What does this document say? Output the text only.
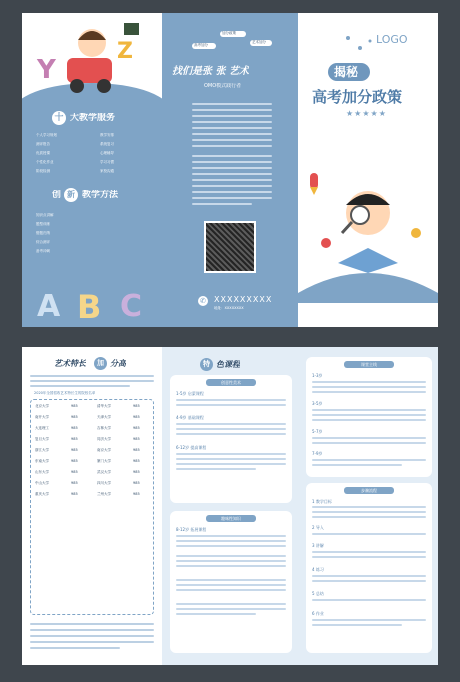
Y
Z
十 大教学服务
个人学习规划	教学安排
测评报告	系统复习
优质授课	心理辅导
个性化作业	学习习惯
阶段检测	家校沟通
创 新 教学方法
知识点讲解
题型训练
错题归纳
综合测评
备考冲刺
A B C
加分政策
艺术加分
高考加分
找们是张 张 艺术
OMO模式践行者
✆ XXXXXXXXX
地址：XXXXXXXX
LOGO
揭秘
高考加分政策
★★★★★
艺术特长	加 分高
2020年全国招收艺术特长生的院校名单
北京大学	985	清华大学	985
南开大学	985	天津大学	985
大连理工	985	吉林大学	985
复旦大学	985	同济大学	985
浙江大学	985	南京大学	985
东南大学	985	厦门大学	985
山东大学	985	武汉大学	985
中山大学	985	四川大学	985
重庆大学	985	兰州大学	985
特 色课程
创意性美术
1-5岁 启蒙课程
4-9岁 基础课程
6-12岁 提高课程
趣味性知识
8-12岁 拓展课程
课堂主线
1-3岁
3-5岁
5-7岁
7-9岁
步骤流程
1 教学目标
2 导入
3 讲解
4 练习
5 总结
6 作业
